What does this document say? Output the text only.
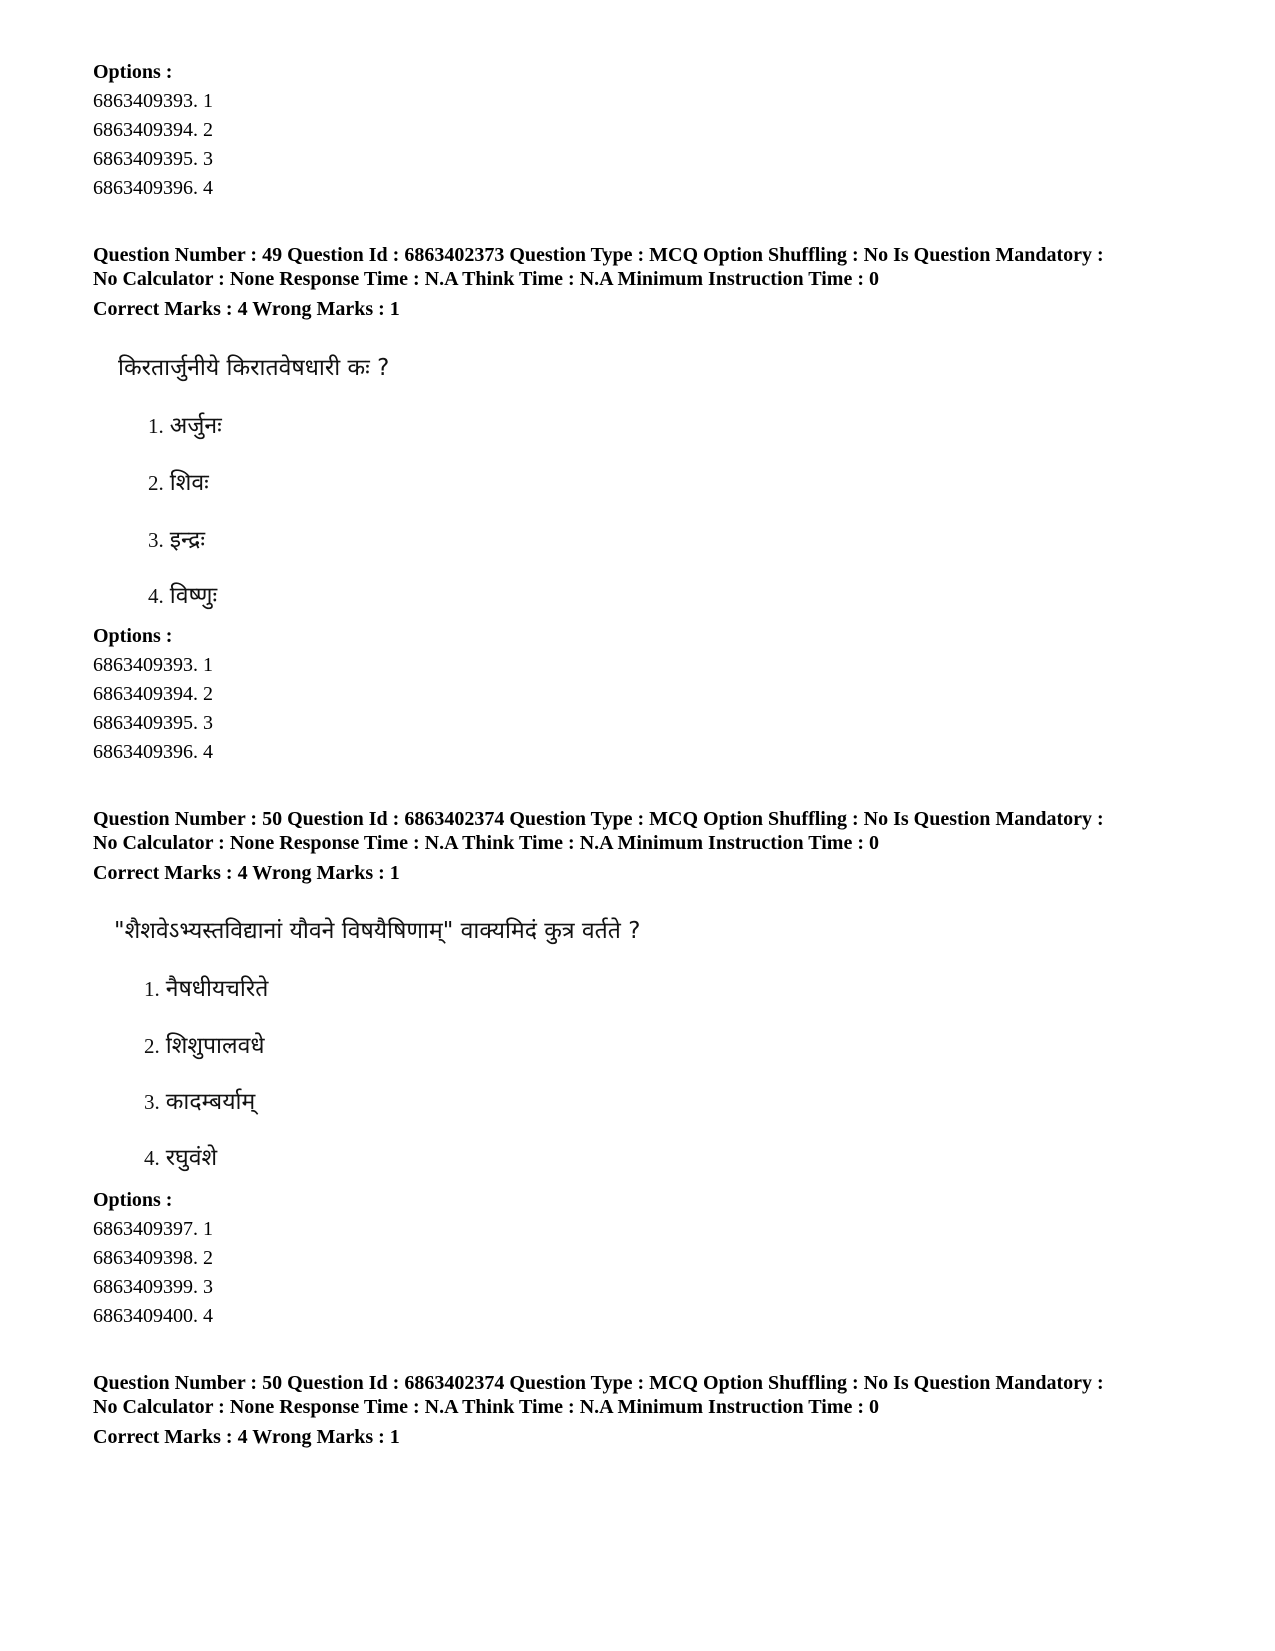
Options :
6863409393. 1
6863409394. 2
6863409395. 3
6863409396. 4
Question Number : 49 Question Id : 6863402373 Question Type : MCQ Option Shuffling : No Is Question Mandatory :
No Calculator : None Response Time : N.A Think Time : N.A Minimum Instruction Time : 0
Correct Marks : 4 Wrong Marks : 1
किरतार्जुनीये किरातवेषधारी कः ?
1. अर्जुनः
2. शिवः
3. इन्द्रः
4. विष्णुः
Options :
6863409393. 1
6863409394. 2
6863409395. 3
6863409396. 4
Question Number : 50 Question Id : 6863402374 Question Type : MCQ Option Shuffling : No Is Question Mandatory :
No Calculator : None Response Time : N.A Think Time : N.A Minimum Instruction Time : 0
Correct Marks : 4 Wrong Marks : 1
"शैशवेऽभ्यस्तविद्यानां यौवने विषयैषिणाम्" वाक्यमिदं कुत्र वर्तते ?
1. नैषधीयचरिते
2. शिशुपालवधे
3. कादम्बर्याम्
4. रघुवंशे
Options :
6863409397. 1
6863409398. 2
6863409399. 3
6863409400. 4
Question Number : 50 Question Id : 6863402374 Question Type : MCQ Option Shuffling : No Is Question Mandatory :
No Calculator : None Response Time : N.A Think Time : N.A Minimum Instruction Time : 0
Correct Marks : 4 Wrong Marks : 1
